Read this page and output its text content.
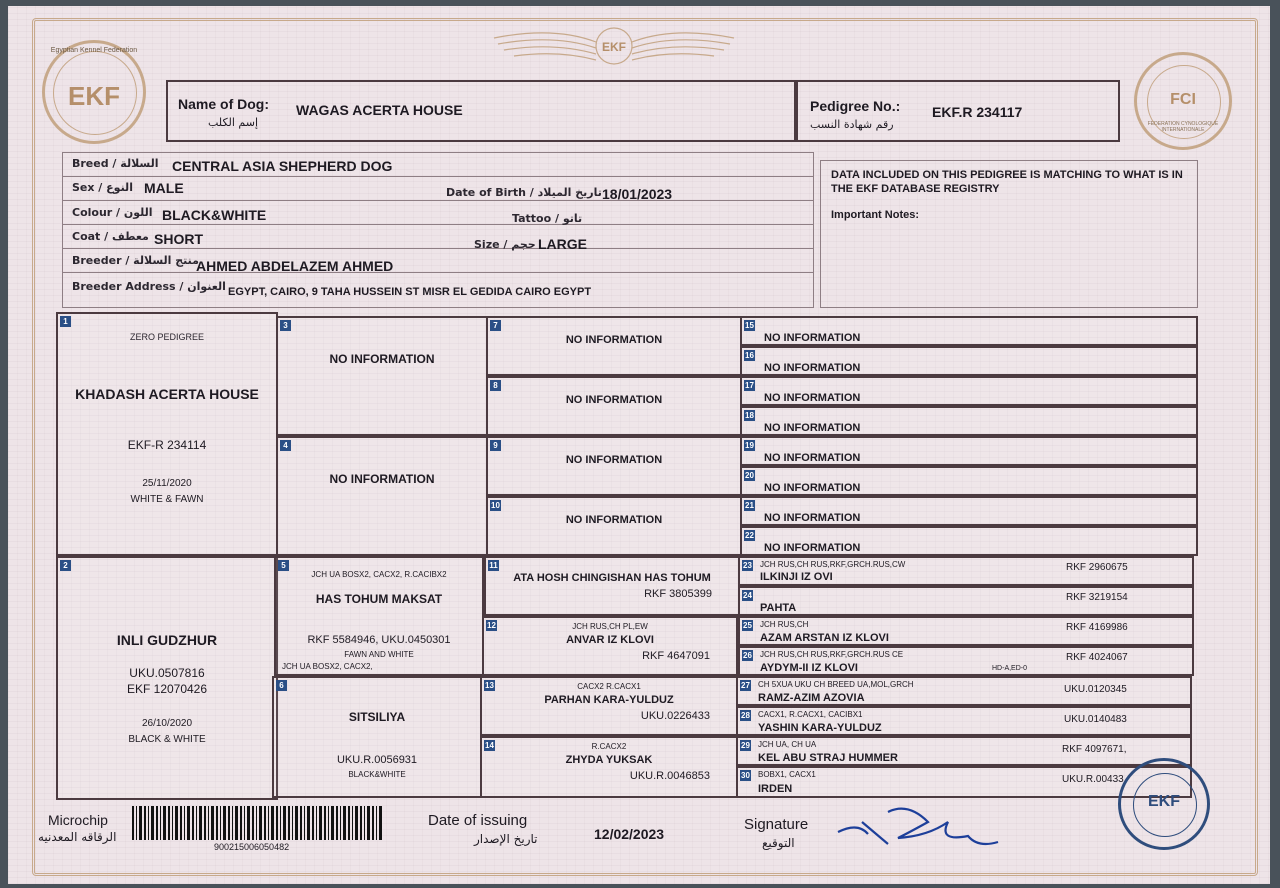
EKF
Egyptian Kennel Federation
EKF	FCI
FEDERATION CYNOLOGIQUE INTERNATIONALE
Name of Dog:
إسم الكلب
WAGAS ACERTA HOUSE	Pedigree No.:
رقم شهادة النسب
EKF.R 234117
Breed / السلالة CENTRAL ASIA SHEPHERD DOG
Sex / النوع MALE	Date of Birth / تاريخ الميلاد 18/01/2023
Colour / اللون BLACK&WHITE	Tattoo / تاتو
Coat / معطف SHORT	Size / حجم LARGE
Breeder / منتج السلالة
AHMED ABDELAZEM AHMED
Breeder Address / العنوان EGYPT, CAIRO, 9 TAHA HUSSEIN ST MISR EL GEDIDA CAIRO EGYPT
DATA INCLUDED ON THIS PEDIGREE IS MATCHING TO WHAT IS IN THE EKF DATABASE REGISTRY
Important Notes:
1
ZERO PEDIGREE
KHADASH ACERTA HOUSE
EKF-R 234114
25/11/2020
WHITE & FAWN
2
INLI GUDZHUR
UKU.0507816
EKF 12070426
26/10/2020
BLACK & WHITE
3
NO INFORMATION
4
NO INFORMATION
5
JCH UA BOSX2, CACX2, R.CACIBX2
HAS TOHUM MAKSAT
RKF 5584946, UKU.0450301
FAWN AND WHITE
JCH UA BOSX2, CACX2,
6
SITSILIYA
UKU.R.0056931
BLACK&WHITE
7
NO INFORMATION
8
NO INFORMATION
9
NO INFORMATION
10
NO INFORMATION
11
ATA HOSH CHINGISHAN HAS TOHUM
RKF 3805399
12	JCH RUS,CH PL,EW
ANVAR IZ KLOVI
RKF 4647091
13	CACX2 R.CACX1
PARHAN KARA-YULDUZ
UKU.0226433
14	R.CACX2
ZHYDA YUKSAK
UKU.R.0046853
15
NO INFORMATION
16
NO INFORMATION
17
NO INFORMATION
18
NO INFORMATION
19
NO INFORMATION
20
NO INFORMATION
21
NO INFORMATION
22
NO INFORMATION
23 JCH RUS,CH RUS,RKF,GRCH.RUS,CW
ILKINJI IZ OVI
RKF 2960675
24
PAHTA
RKF 3219154
25 JCH RUS,CH
AZAM ARSTAN IZ KLOVI
RKF 4169986
26 JCH RUS,CH RUS,RKF,GRCH.RUS CE
AYDYM-II IZ KLOVI	HD-A,ED-0
RKF 4024067
27 CH 5XUA UKU CH BREED UA,MOL,GRCH
RAMZ-AZIM AZOVIA
UKU.0120345
28 CACX1, R.CACX1, CACIBX1
YASHIN KARA-YULDUZ
UKU.0140483
29 JCH UA, CH UA
KEL ABU STRAJ HUMMER
RKF 4097671,
30 BOBX1, CACX1
IRDEN
UKU.R.00433
Microchip
الرقاقه المعدنيه
900215006050482
Date of issuing
تاريخ الإصدار	12/02/2023
Signature
التوقيع
EKF
